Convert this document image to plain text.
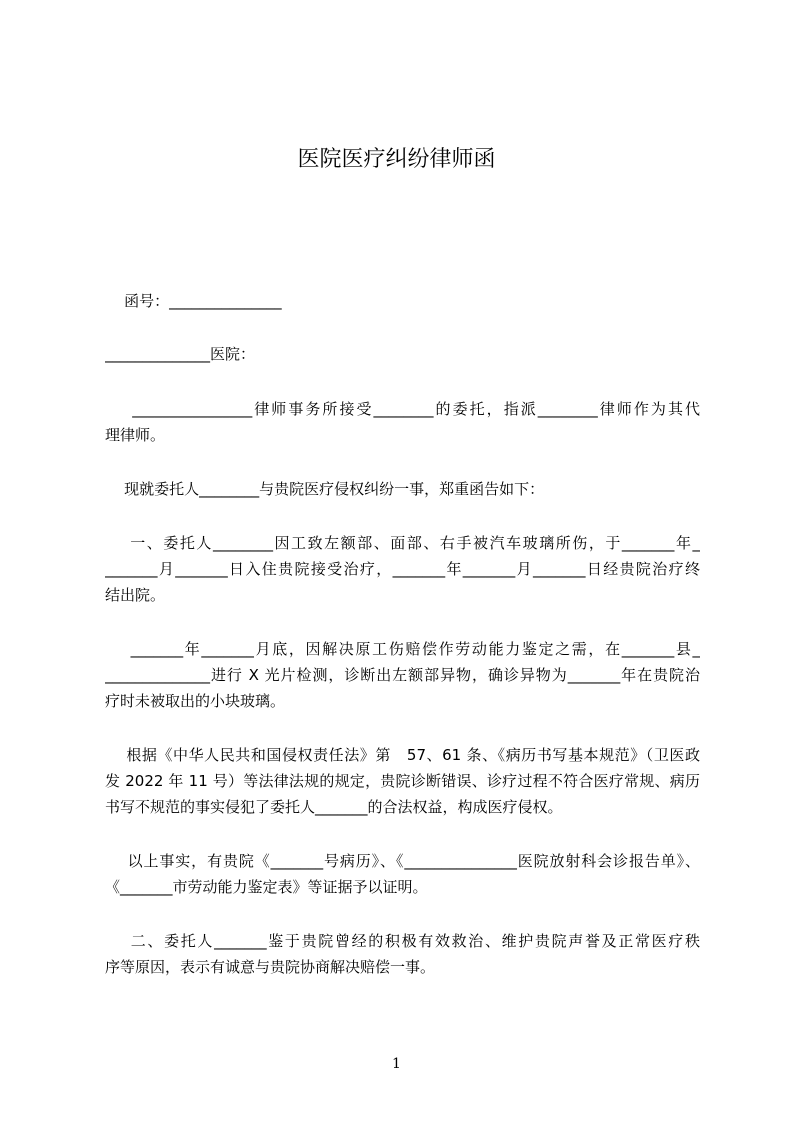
医院医疗纠纷律师函
函号：_______________
______________医院：
________________律师事务所接受________的委托，指派________律师作为其代
理律师。
现就委托人________与贵院医疗侵权纠纷一事，郑重函告如下：
一、委托人________因工致左额部、面部、右手被汽车玻璃所伤，于_______年_
_______月_______日入住贵院接受治疗，_______年_______月_______日经贵院治疗终
结出院。
_______年_______月底，因解决原工伤赔偿作劳动能力鉴定之需，在_______县_
______________进行 X 光片检测，诊断出左额部异物，确诊异物为_______年在贵院治
疗时未被取出的小块玻璃。
根据《中华人民共和国侵权责任法》第   57、61 条、《病历书写基本规范》（卫医政
发 2022 年 11 号）等法律法规的规定，贵院诊断错误、诊疗过程不符合医疗常规、病历
书写不规范的事实侵犯了委托人_______的合法权益，构成医疗侵权。
以上事实，有贵院《_______号病历》、《_______________医院放射科会诊报告单》、
《_______市劳动能力鉴定表》等证据予以证明。
二、委托人_______鉴于贵院曾经的积极有效救治、维护贵院声誉及正常医疗秩
序等原因，表示有诚意与贵院协商解决赔偿一事。
1
